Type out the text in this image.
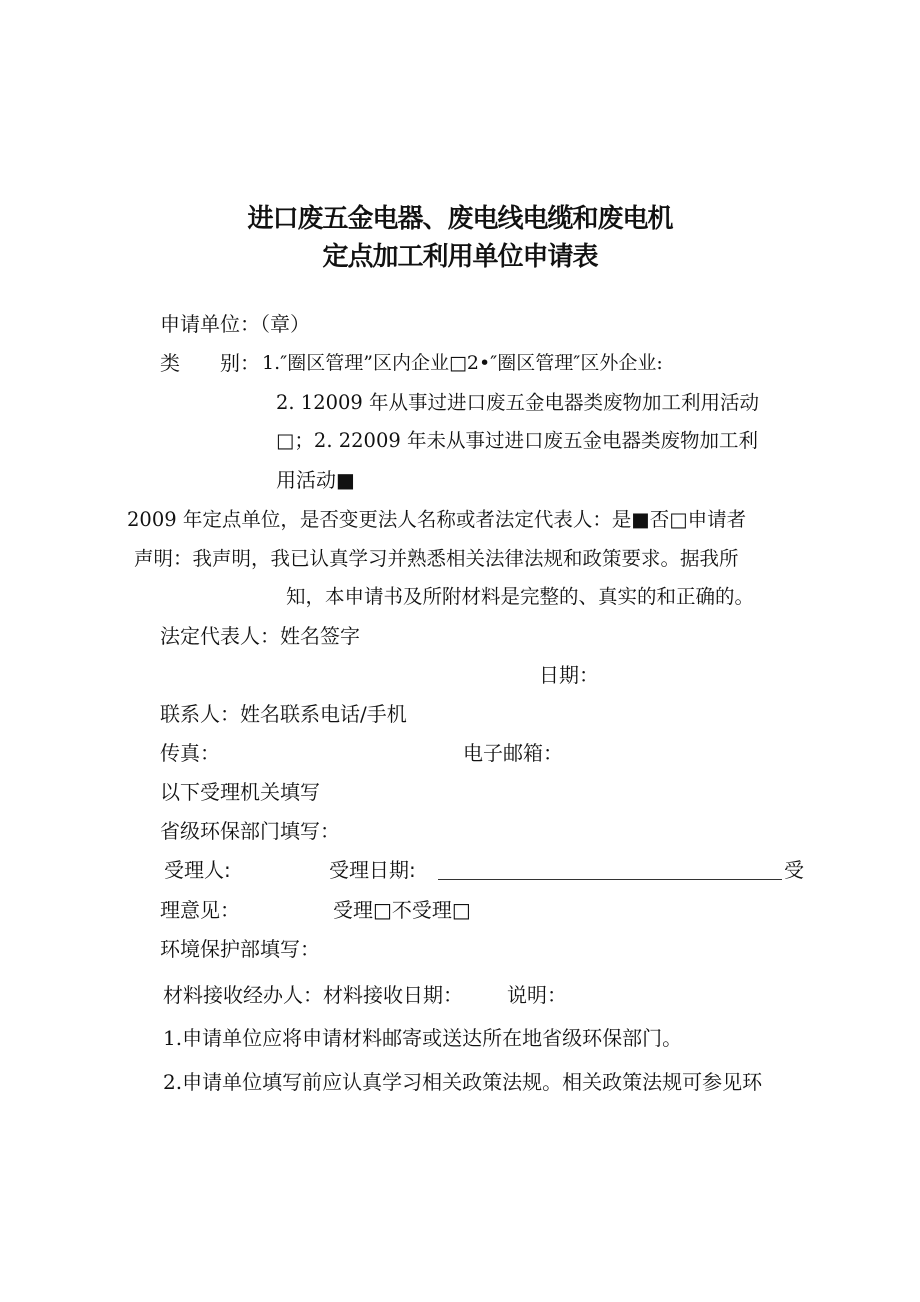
进口废五金电器、废电线电缆和废电机
定点加工利用单位申请表
申请单位：（章）
类　　别： 1.″圈区管理”区内企业□2•″圈区管理″区外企业:
2. 12009 年从事过进口废五金电器类废物加工利用活动
□；2. 22009 年未从事过进口废五金电器类废物加工利
用活动■
2009 年定点单位，是否变更法人名称或者法定代表人：是■否□申请者
声明：我声明，我已认真学习并熟悉相关法律法规和政策要求。据我所
知，本申请书及所附材料是完整的、真实的和正确的。
法定代表人：姓名签字
日期：
联系人：姓名联系电话/手机
传真：	电子邮箱：
以下受理机关填写
省级环保部门填写：
受理人:	受理日期:	受
理意见：	受理□不受理□
环境保护部填写：
材料接收经办人：材料接收日期： 说明：
1.申请单位应将申请材料邮寄或送达所在地省级环保部门。
2.申请单位填写前应认真学习相关政策法规。相关政策法规可参见环
